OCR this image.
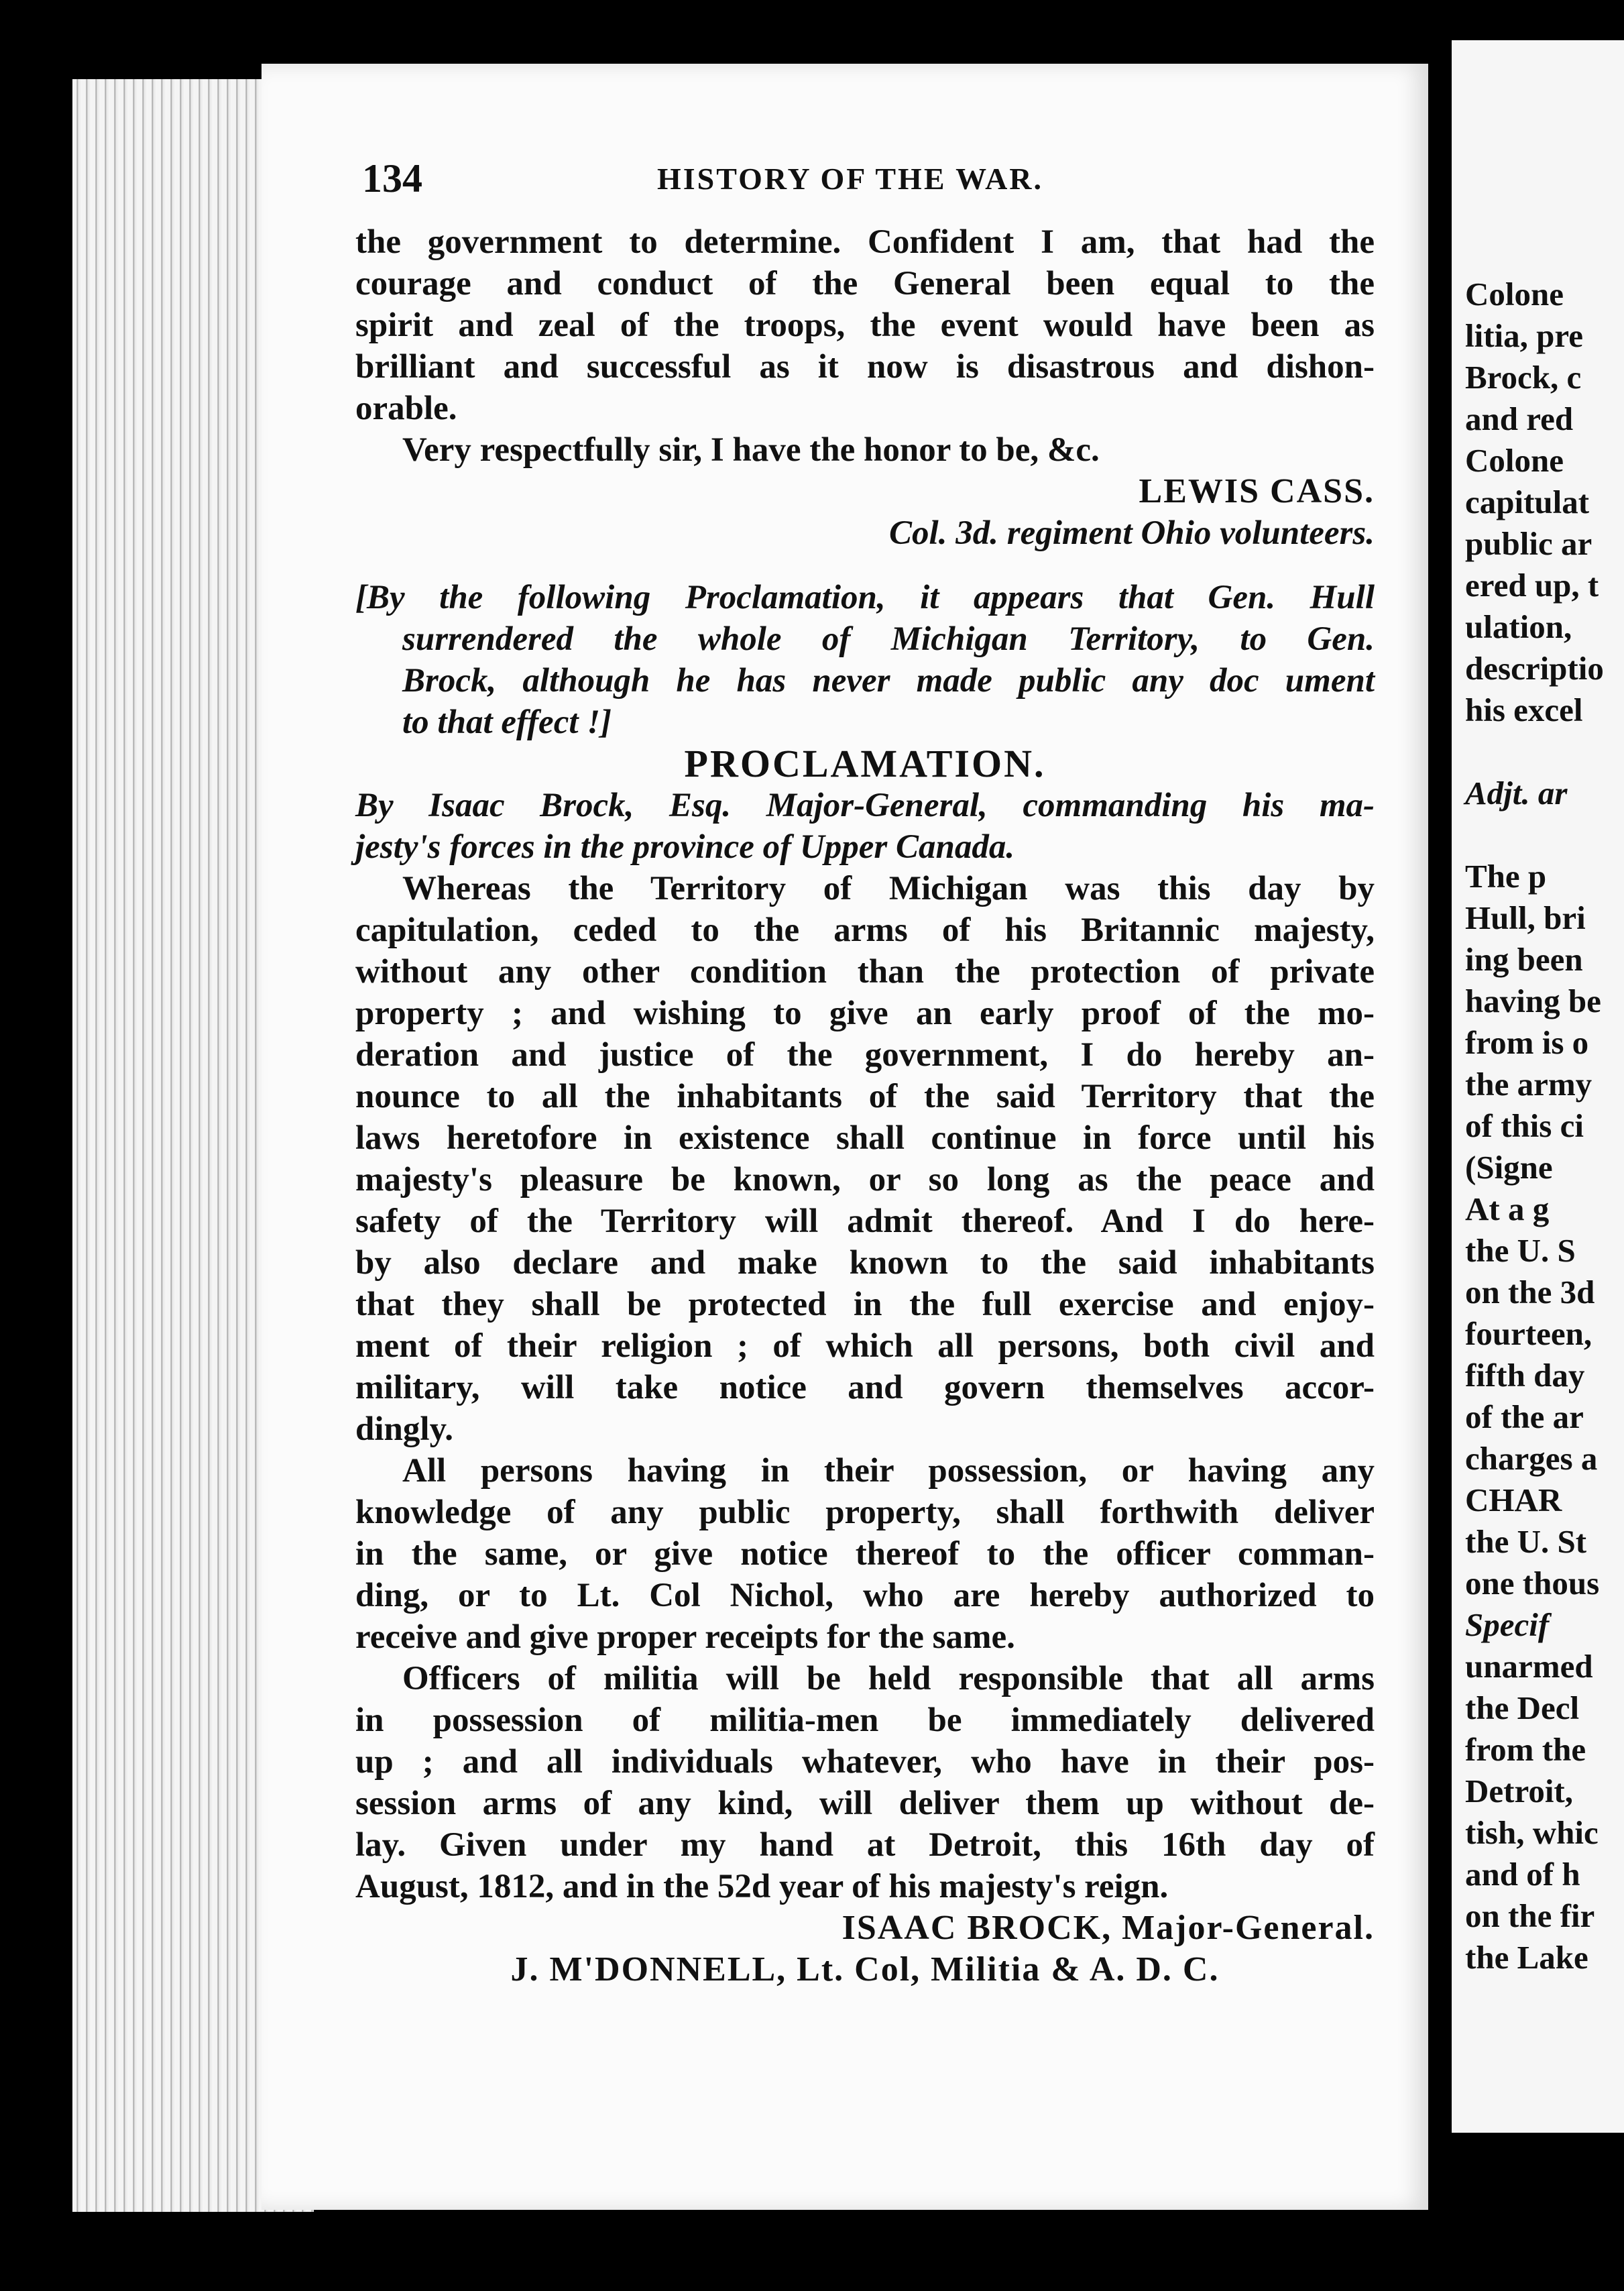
Colone
litia, pre
Brock, c
and red
Colone
capitulat
public ar
ered up, t
ulation,
descriptio
his excel
Adjt. ar
The p
Hull, bri
ing been
having be
from is o
the army
of this ci
(Signe
At a g
the U. S
on the 3d
fourteen,
fifth day
of the ar
charges a
CHAR
the U. St
one thous
Specif
unarmed
the Decl
from the
Detroit,
tish, whic
and of h
on the fir
the Lake
134	HISTORY OF THE WAR.
the government to determine. Confident I am, that had the
courage and conduct of the General been equal to the
spirit and zeal of the troops, the event would have been as
brilliant and successful as it now is disastrous and dishon-
orable.
Very respectfully sir, I have the honor to be, &c.
LEWIS CASS.
Col. 3d. regiment Ohio volunteers.
[By the following Proclamation, it appears that Gen. Hull
surrendered the whole of Michigan Territory, to Gen.
Brock, although he has never made public any doc ument
to that effect !]
PROCLAMATION.
By Isaac Brock, Esq. Major-General, commanding his ma-
jesty's forces in the province of Upper Canada.
Whereas the Territory of Michigan was this day by
capitulation, ceded to the arms of his Britannic majesty,
without any other condition than the protection of private
property ; and wishing to give an early proof of the mo-
deration and justice of the government, I do hereby an-
nounce to all the inhabitants of the said Territory that the
laws heretofore in existence shall continue in force until his
majesty's pleasure be known, or so long as the peace and
safety of the Territory will admit thereof. And I do here-
by also declare and make known to the said inhabitants
that they shall be protected in the full exercise and enjoy-
ment of their religion ; of which all persons, both civil and
military, will take notice and govern themselves accor-
dingly.
All persons having in their possession, or having any
knowledge of any public property, shall forthwith deliver
in the same, or give notice thereof to the officer comman-
ding, or to Lt. Col Nichol, who are hereby authorized to
receive and give proper receipts for the same.
Officers of militia will be held responsible that all arms
in possession of militia-men be immediately delivered
up ; and all individuals whatever, who have in their pos-
session arms of any kind, will deliver them up without de-
lay. Given under my hand at Detroit, this 16th day of
August, 1812, and in the 52d year of his majesty's reign.
ISAAC BROCK, Major-General.
J. M'DONNELL, Lt. Col, Militia & A. D. C.
